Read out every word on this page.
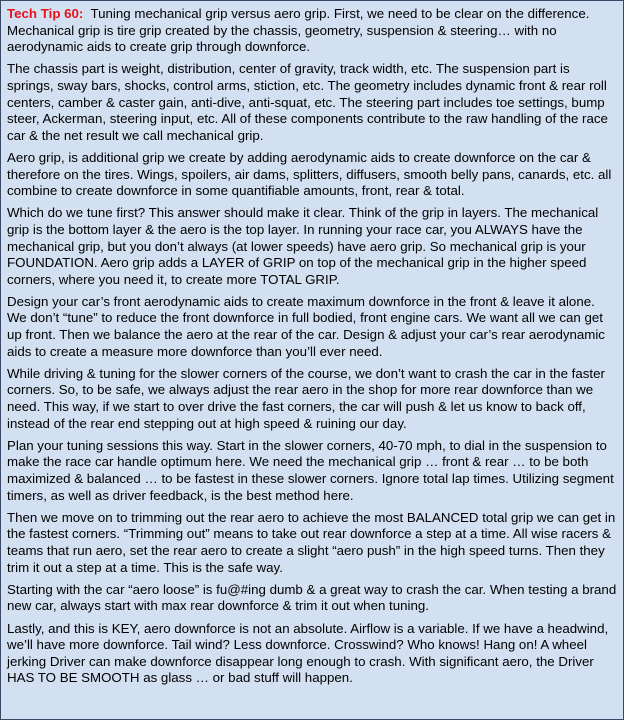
Tech Tip 60: Tuning mechanical grip versus aero grip. First, we need to be clear on the difference. Mechanical grip is tire grip created by the chassis, geometry, suspension & steering… with no aerodynamic aids to create grip through downforce.

The chassis part is weight, distribution, center of gravity, track width, etc. The suspension part is springs, sway bars, shocks, control arms, stiction, etc. The geometry includes dynamic front & rear roll centers, camber & caster gain, anti-dive, anti-squat, etc. The steering part includes toe settings, bump steer, Ackerman, steering input, etc. All of these components contribute to the raw handling of the race car & the net result we call mechanical grip.

Aero grip, is additional grip we create by adding aerodynamic aids to create downforce on the car & therefore on the tires. Wings, spoilers, air dams, splitters, diffusers, smooth belly pans, canards, etc. all combine to create downforce in some quantifiable amounts, front, rear & total.

Which do we tune first? This answer should make it clear. Think of the grip in layers. The mechanical grip is the bottom layer & the aero is the top layer. In running your race car, you ALWAYS have the mechanical grip, but you don’t always (at lower speeds) have aero grip. So mechanical grip is your FOUNDATION. Aero grip adds a LAYER of GRIP on top of the mechanical grip in the higher speed corners, where you need it, to create more TOTAL GRIP.

Design your car’s front aerodynamic aids to create maximum downforce in the front & leave it alone. We don’t “tune” to reduce the front downforce in full bodied, front engine cars. We want all we can get up front. Then we balance the aero at the rear of the car. Design & adjust your car’s rear aerodynamic aids to create a measure more downforce than you’ll ever need.

While driving & tuning for the slower corners of the course, we don’t want to crash the car in the faster corners. So, to be safe, we always adjust the rear aero in the shop for more rear downforce than we need. This way, if we start to over drive the fast corners, the car will push & let us know to back off, instead of the rear end stepping out at high speed & ruining our day.

Plan your tuning sessions this way. Start in the slower corners, 40-70 mph, to dial in the suspension to make the race car handle optimum here. We need the mechanical grip … front & rear … to be both maximized & balanced … to be fastest in these slower corners. Ignore total lap times. Utilizing segment timers, as well as driver feedback, is the best method here.

Then we move on to trimming out the rear aero to achieve the most BALANCED total grip we can get in the fastest corners. “Trimming out” means to take out rear downforce a step at a time. All wise racers & teams that run aero, set the rear aero to create a slight “aero push” in the high speed turns. Then they trim it out a step at a time. This is the safe way.

Starting with the car “aero loose” is fu@#ing dumb & a great way to crash the car. When testing a brand new car, always start with max rear downforce & trim it out when tuning.

Lastly, and this is KEY, aero downforce is not an absolute. Airflow is a variable. If we have a headwind, we’ll have more downforce. Tail wind? Less downforce. Crosswind? Who knows! Hang on! A wheel jerking Driver can make downforce disappear long enough to crash. With significant aero, the Driver HAS TO BE SMOOTH as glass … or bad stuff will happen.
